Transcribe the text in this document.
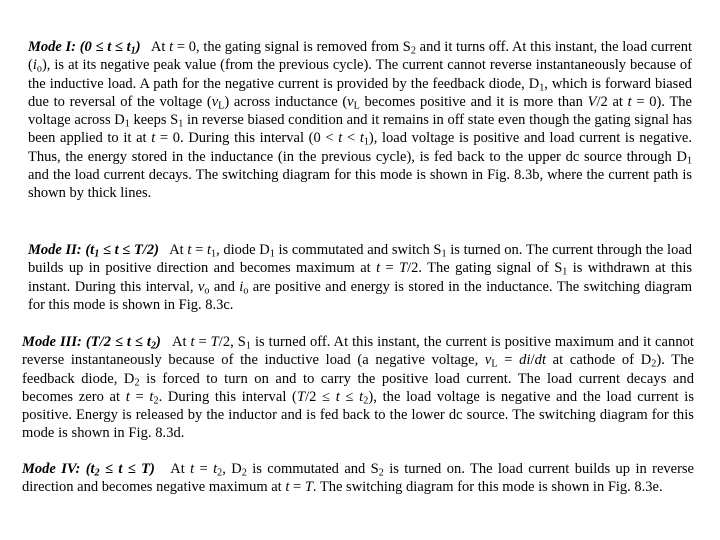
Mode I: $(0 \le t \le t_1)$ At t = 0, the gating signal is removed from $S_2$ and it turns off. At this instant, the load current $(i_o)$, is at its negative peak value (from the previous cycle). The current cannot reverse instantaneously because of the inductive load. A path for the negative current is provided by the feedback diode, $D_1$, which is forward biased due to reversal of the voltage $(v_L)$ across inductance ($v_L$ becomes positive and it is more than V/2 at t = 0). The voltage across $D_1$ keeps $S_1$ in reverse biased condition and it remains in off state even though the gating signal has been applied to it at t = 0. During this interval $(0 < t < t_1)$, load voltage is positive and load current is negative. Thus, the energy stored in the inductance (in the previous cycle), is fed back to the upper dc source through $D_1$ and the load current decays. The switching diagram for this mode is shown in Fig. 8.3b, where the current path is shown by thick lines.

Mode II: $(t_1 \le t \le T/2)$ At $t = t_1$, diode $D_1$ is commutated and switch $S_1$ is turned on. The current through the load builds up in positive direction and becomes maximum at t = T/2. The gating signal of $S_1$ is withdrawn at this instant. During this interval, $v_o$ and $i_o$ are positive and energy is stored in the inductance. The switching diagram for this mode is shown in Fig. 8.3c.

Mode III: $(T/2 \le t \le t_2)$ At t = T/2, $S_1$ is turned off. At this instant, the current is positive maximum and it cannot reverse instantaneously because of the inductive load (a negative voltage, $v_L = di/dt$ at cathode of $D_2$). The feedback diode, $D_2$ is forced to turn on and to carry the positive load current. The load current decays and becomes zero at $t = t_2$. During this interval $(T/2 \le t \le t_2)$, the load voltage is negative and the load current is positive. Energy is released by the inductor and is fed back to the lower dc source. The switching diagram for this mode is shown in Fig. 8.3d.

Mode IV: $(t_2 \le t \le T)$ At $t = t_2$, $D_2$ is commutated and $S_2$ is turned on. The load current builds up in reverse direction and becomes negative maximum at t = T. The switching diagram for this mode is shown in Fig. 8.3e.
